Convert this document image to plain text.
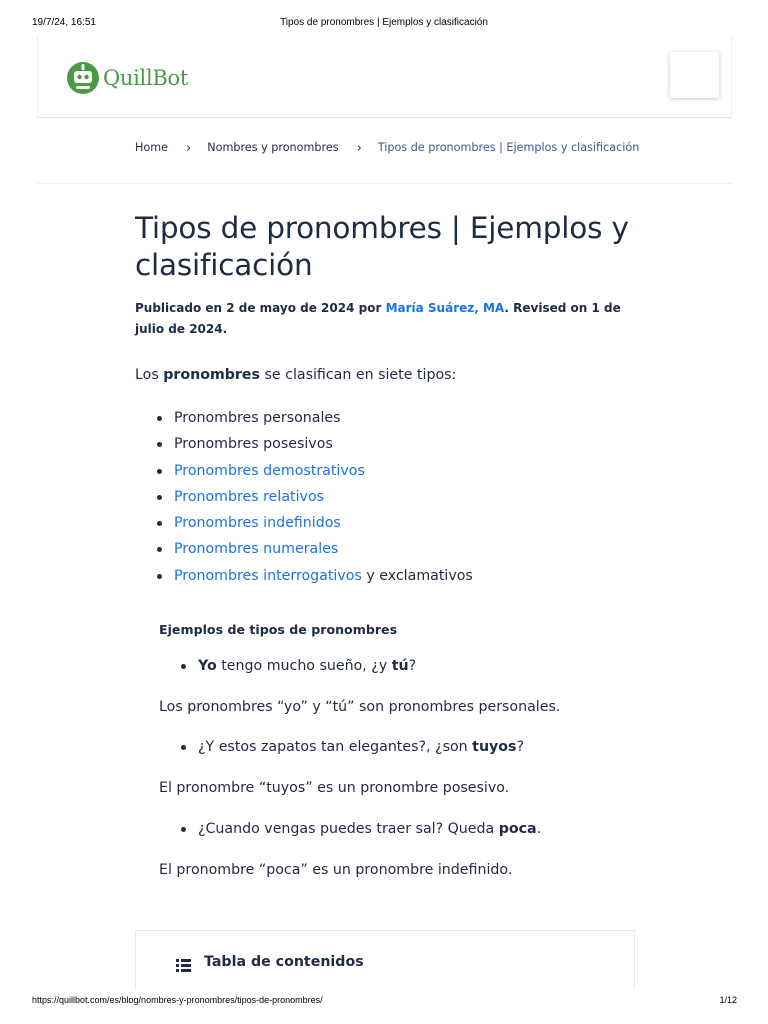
19/7/24, 16:51	Tipos de pronombres | Ejemplos y clasificación
QuillBot
Home › Nombres y pronombres › Tipos de pronombres | Ejemplos y clasificación
Tipos de pronombres | Ejemplos y clasificación

Publicado en 2 de mayo de 2024 por María Suárez, MA. Revised on 1 de julio de 2024.

Los pronombres se clasifican en siete tipos:

Pronombres personales
Pronombres posesivos
Pronombres demostrativos
Pronombres relativos
Pronombres indefinidos
Pronombres numerales
Pronombres interrogativos y exclamativos
Ejemplos de tipos de pronombres
Yo tengo mucho sueño, ¿y tú?
Los pronombres “yo” y “tú” son pronombres personales.
¿Y estos zapatos tan elegantes?, ¿son tuyos?
El pronombre “tuyos” es un pronombre posesivo.
¿Cuando vengas puedes traer sal? Queda poca.
El pronombre “poca” es un pronombre indefinido.
Tabla de contenidos
https://quillbot.com/es/blog/nombres-y-pronombres/tipos-de-pronombres/	1/12
